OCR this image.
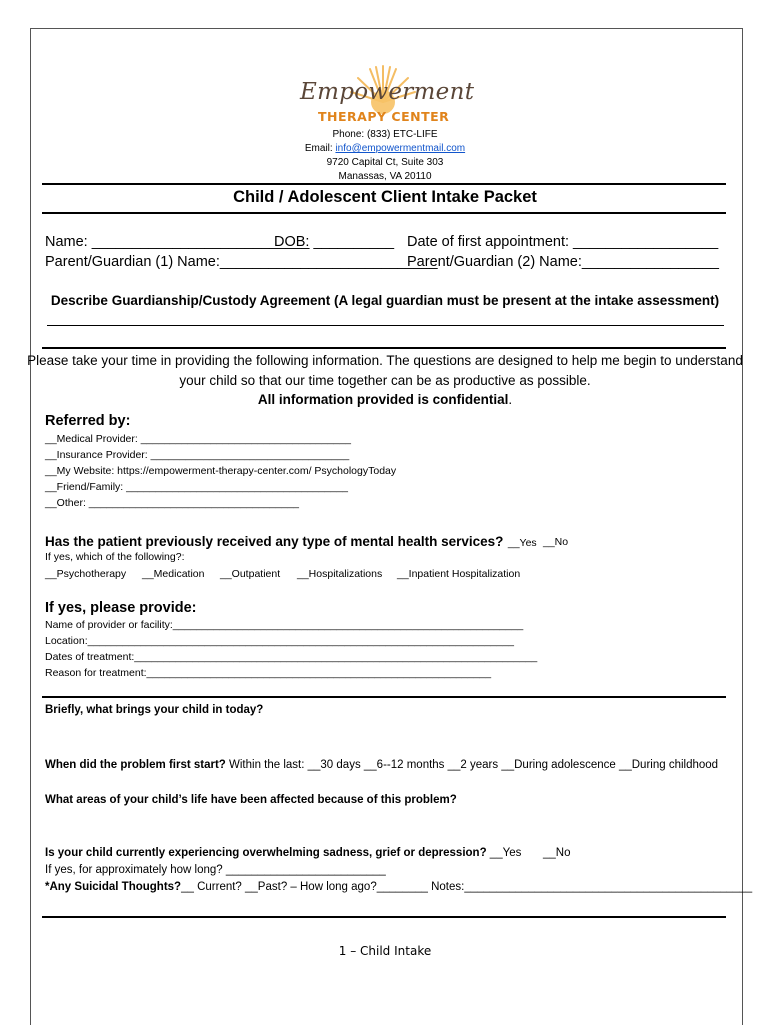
Empowerment
THERAPY CENTER
Phone: (833) ETC-LIFE
Email: info@empowermentmail.com
9720 Capital Ct, Suite 303
Manassas, VA 20110
Child / Adolescent Client Intake Packet
Name: ___________________________
DOB: __________ Date of first appointment: __________________
Parent/Guardian (1) Name:___________________________
Parent/Guardian (2) Name:_________________
Describe Guardianship/Custody Agreement (A legal guardian must be present at the intake assessment)
Please take your time in providing the following information. The questions are designed to help me begin to understand
your child so that our time together can be as productive as possible.
All information provided is confidential.
Referred by:
__Medical Provider: ____________________________________
__Insurance Provider: __________________________________
__My Website: https://empowerment-therapy-center.com/ PsychologyToday
__Friend/Family: ______________________________________
__Other: ____________________________________
Has the patient previously received any type of mental health services? __Yes __No
If yes, which of the following?:
__Psychotherapy __Medication __Outpatient __Hospitalizations __Inpatient Hospitalization
If yes, please provide:
Name of provider or facility:____________________________________________________________
Location:_________________________________________________________________________
Dates of treatment:_____________________________________________________________________
Reason for treatment:___________________________________________________________
Briefly, what brings your child in today?
When did the problem first start? Within the last: __30 days __6--12 months __2 years __During adolescence __During childhood
What areas of your child’s life have been affected because of this problem?
Is your child currently experiencing overwhelming sadness, grief or depression? __Yes __No
If yes, for approximately how long? _________________________
*Any Suicidal Thoughts?__ Current? __Past? – How long ago?________ Notes:_____________________________________________
1 – Child Intake
